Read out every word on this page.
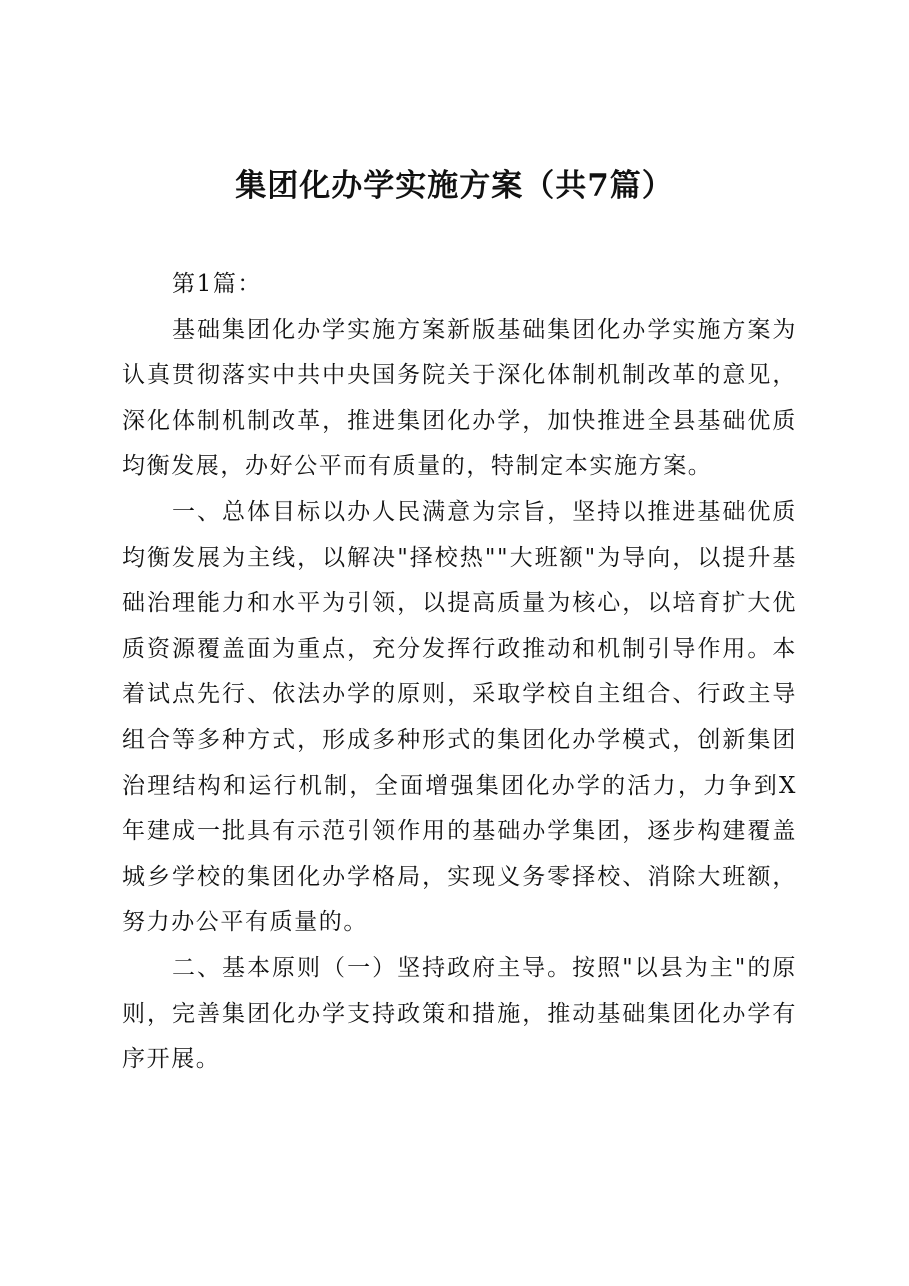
集团化办学实施方案（共7篇）

第1篇：

基础集团化办学实施方案新版基础集团化办学实施方案为认真贯彻落实中共中央国务院关于深化体制机制改革的意见，深化体制机制改革，推进集团化办学，加快推进全县基础优质均衡发展，办好公平而有质量的，特制定本实施方案。

一、总体目标以办人民满意为宗旨，坚持以推进基础优质均衡发展为主线，以解决"择校热""大班额"为导向，以提升基础治理能力和水平为引领，以提高质量为核心，以培育扩大优质资源覆盖面为重点，充分发挥行政推动和机制引导作用。本着试点先行、依法办学的原则，采取学校自主组合、行政主导组合等多种方式，形成多种形式的集团化办学模式，创新集团治理结构和运行机制，全面增强集团化办学的活力，力争到X年建成一批具有示范引领作用的基础办学集团，逐步构建覆盖城乡学校的集团化办学格局，实现义务零择校、消除大班额，努力办公平有质量的。

二、基本原则（一）坚持政府主导。按照"以县为主"的原则，完善集团化办学支持政策和措施，推动基础集团化办学有序开展。
